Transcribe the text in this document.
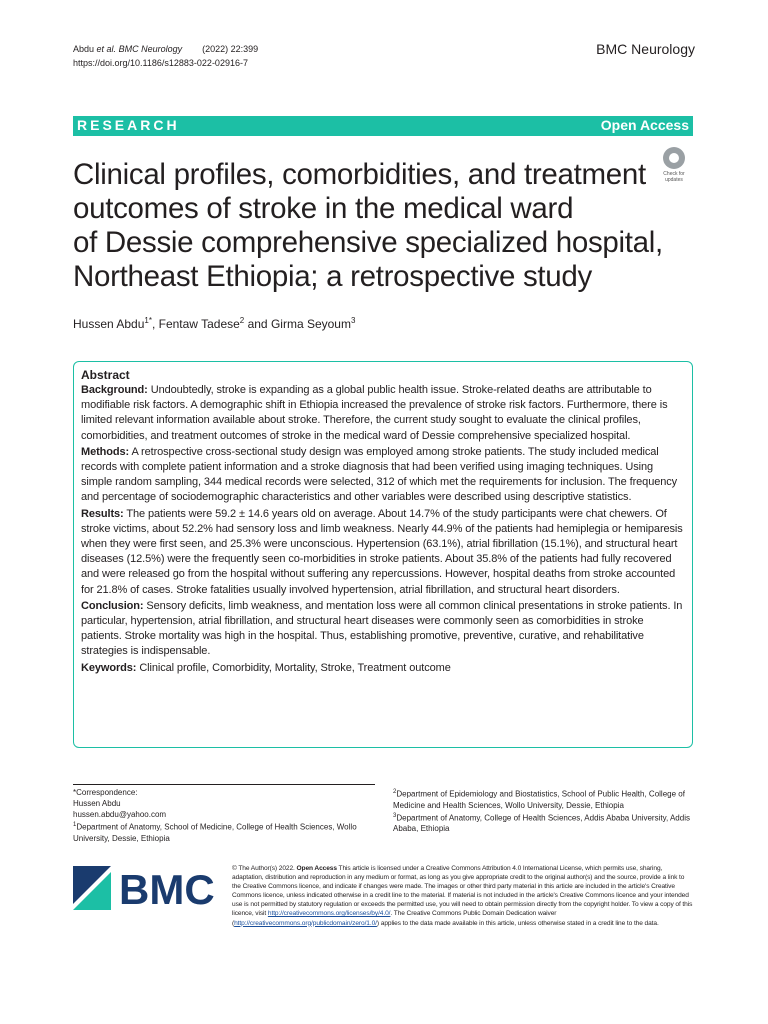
Abdu et al. BMC Neurology (2022) 22:399
https://doi.org/10.1186/s12883-022-02916-7
BMC Neurology
RESEARCH	Open Access
Check for updates
Clinical profiles, comorbidities, and treatment
outcomes of stroke in the medical ward
of Dessie comprehensive specialized hospital,
Northeast Ethiopia; a retrospective study
Hussen Abdu$^{1*}$, Fentaw Tadese$^2$ and Girma Seyoum$^3$
Abstract

Background: Undoubtedly, stroke is expanding as a global public health issue. Stroke-related deaths are attributable to modifiable risk factors. A demographic shift in Ethiopia increased the prevalence of stroke risk factors. Furthermore, there is limited relevant information available about stroke. Therefore, the current study sought to evaluate the clinical profiles, comorbidities, and treatment outcomes of stroke in the medical ward of Dessie comprehensive specialized hospital.

Methods: A retrospective cross-sectional study design was employed among stroke patients. The study included medical records with complete patient information and a stroke diagnosis that had been verified using imaging techniques. Using simple random sampling, 344 medical records were selected, 312 of which met the requirements for inclusion. The frequency and percentage of sociodemographic characteristics and other variables were described using descriptive statistics.

Results: The patients were 59.2 ± 14.6 years old on average. About 14.7% of the study participants were chat chewers. Of stroke victims, about 52.2% had sensory loss and limb weakness. Nearly 44.9% of the patients had hemiplegia or hemiparesis when they were first seen, and 25.3% were unconscious. Hypertension (63.1%), atrial fibrillation (15.1%), and structural heart diseases (12.5%) were the frequently seen co-morbidities in stroke patients. About 35.8% of the patients had fully recovered and were released go from the hospital without suffering any repercussions. However, hospital deaths from stroke accounted for 21.8% of cases. Stroke fatalities usually involved hypertension, atrial fibrillation, and structural heart disorders.

Conclusion: Sensory deficits, limb weakness, and mentation loss were all common clinical presentations in stroke patients. In particular, hypertension, atrial fibrillation, and structural heart diseases were commonly seen as comorbidities in stroke patients. Stroke mortality was high in the hospital. Thus, establishing promotive, preventive, curative, and rehabilitative strategies is indispensable.

Keywords: Clinical profile, Comorbidity, Mortality, Stroke, Treatment outcome

*Correspondence:
Hussen Abdu
hussen.abdu@yahoo.com
$^1$Department of Anatomy, School of Medicine, College of Health Sciences, Wollo University, Dessie, Ethiopia
$^2$Department of Epidemiology and Biostatistics, School of Public Health, College of Medicine and Health Sciences, Wollo University, Dessie, Ethiopia
$^3$Department of Anatomy, College of Health Sciences, Addis Ababa University, Addis Ababa, Ethiopia
BMC	© The Author(s) 2022. Open Access This article is licensed under a Creative Commons Attribution 4.0 International License, which permits use, sharing, adaptation, distribution and reproduction in any medium or format, as long as you give appropriate credit to the original author(s) and the source, provide a link to the Creative Commons licence, and indicate if changes were made. The images or other third party material in this article are included in the article's Creative Commons licence, unless indicated otherwise in a credit line to the material. If material is not included in the article's Creative Commons licence and your intended use is not permitted by statutory regulation or exceeds the permitted use, you will need to obtain permission directly from the copyright holder. To view a copy of this licence, visit http://creativecommons.org/licenses/by/4.0/. The Creative Commons Public Domain Dedication waiver (http://creativecommons.org/publicdomain/zero/1.0/) applies to the data made available in this article, unless otherwise stated in a credit line to the data.
